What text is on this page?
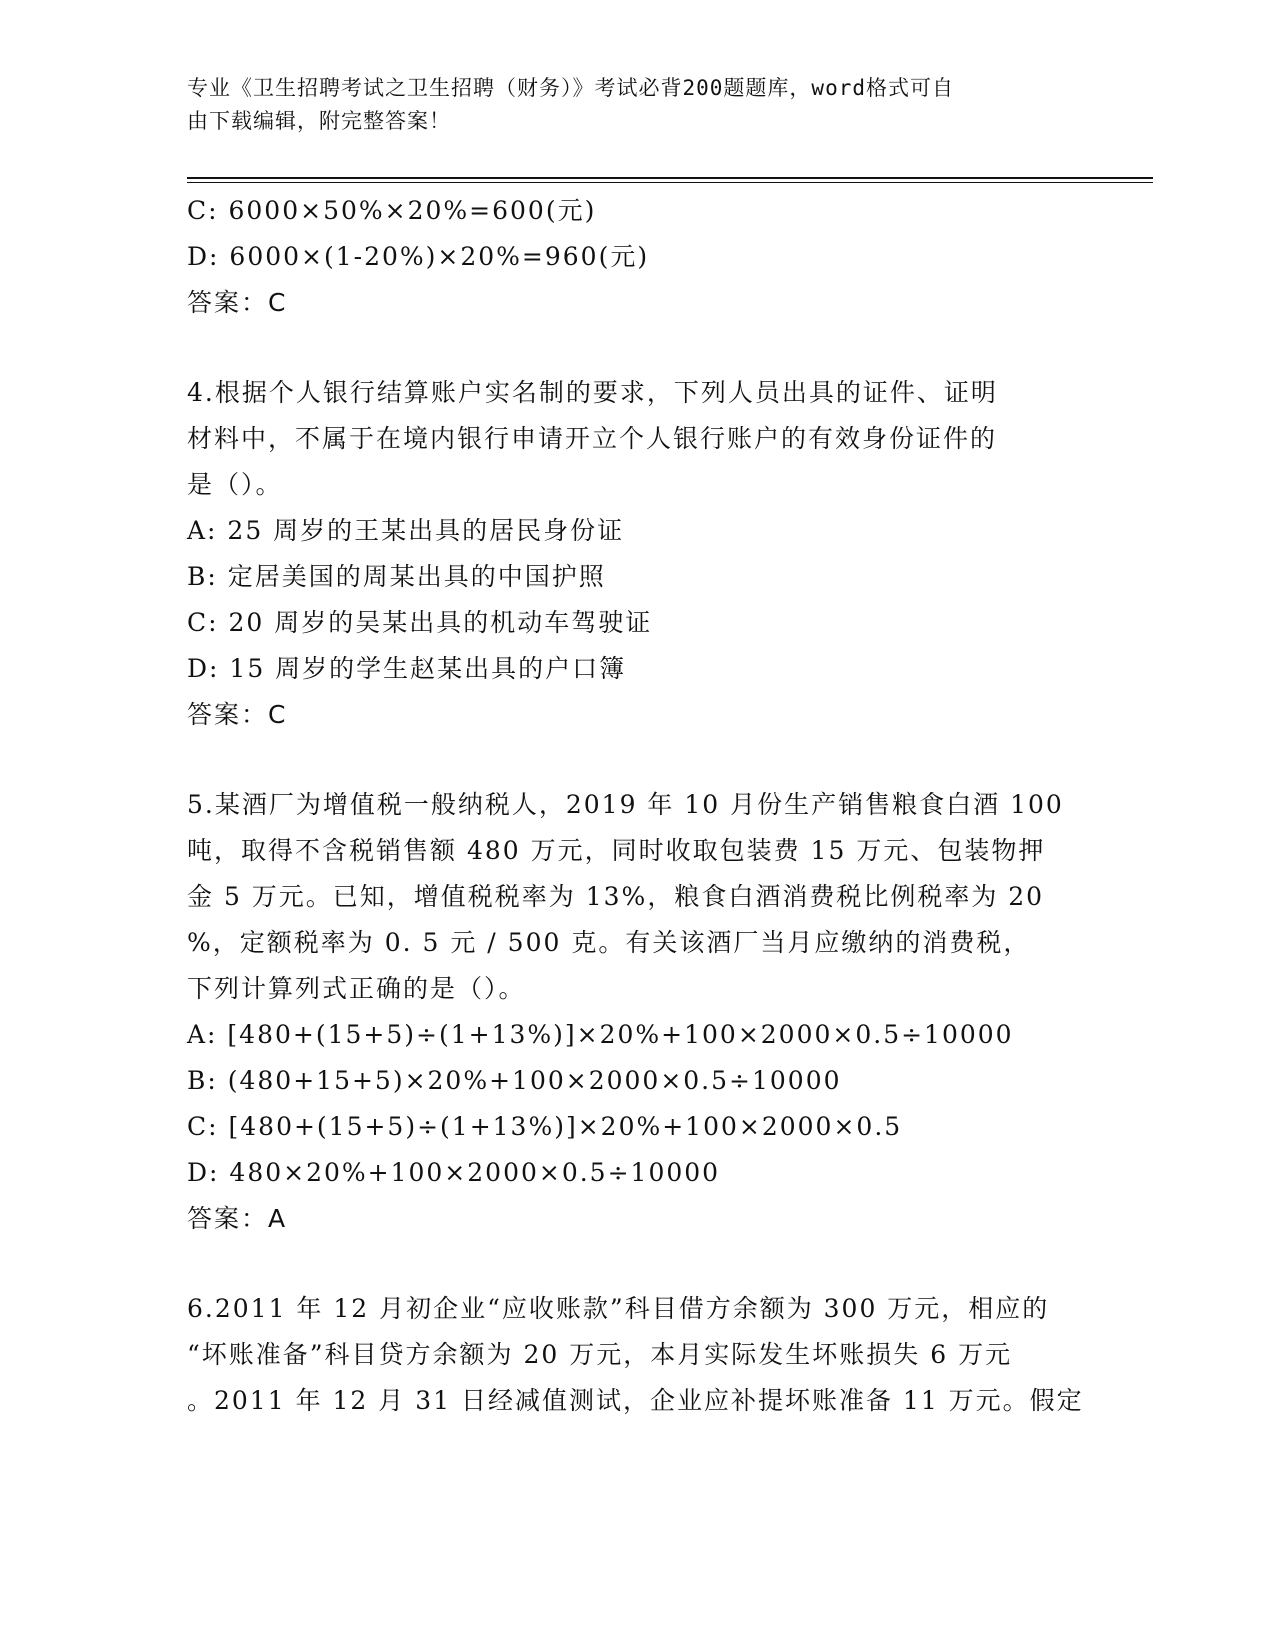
专业《卫生招聘考试之卫生招聘（财务）》考试必背200题题库，word格式可自
由下载编辑，附完整答案！
C: 6000×50%×20%=600(元)
D: 6000×(1-20%)×20%=960(元)
答案：C
4.根据个人银行结算账户实名制的要求，下列人员出具的证件、证明
材料中，不属于在境内银行申请开立个人银行账户的有效身份证件的
是（）。
A: 25 周岁的王某出具的居民身份证
B: 定居美国的周某出具的中国护照
C: 20 周岁的吴某出具的机动车驾驶证
D: 15 周岁的学生赵某出具的户口簿
答案：C
5.某酒厂为增值税一般纳税人，2019 年 10 月份生产销售粮食白酒 100
吨，取得不含税销售额 480 万元，同时收取包装费 15 万元、包装物押
金 5 万元。已知，增值税税率为 13%，粮食白酒消费税比例税率为 20
%，定额税率为 0. 5 元 / 500 克。有关该酒厂当月应缴纳的消费税，
下列计算列式正确的是（）。
A: [480+(15+5)÷(1+13%)]×20%+100×2000×0.5÷10000
B: (480+15+5)×20%+100×2000×0.5÷10000
C: [480+(15+5)÷(1+13%)]×20%+100×2000×0.5
D: 480×20%+100×2000×0.5÷10000
答案：A
6.2011 年 12 月初企业“应收账款”科目借方余额为 300 万元，相应的
“坏账准备”科目贷方余额为 20 万元，本月实际发生坏账损失 6 万元
。2011 年 12 月 31 日经减值测试，企业应补提坏账准备 11 万元。假定
